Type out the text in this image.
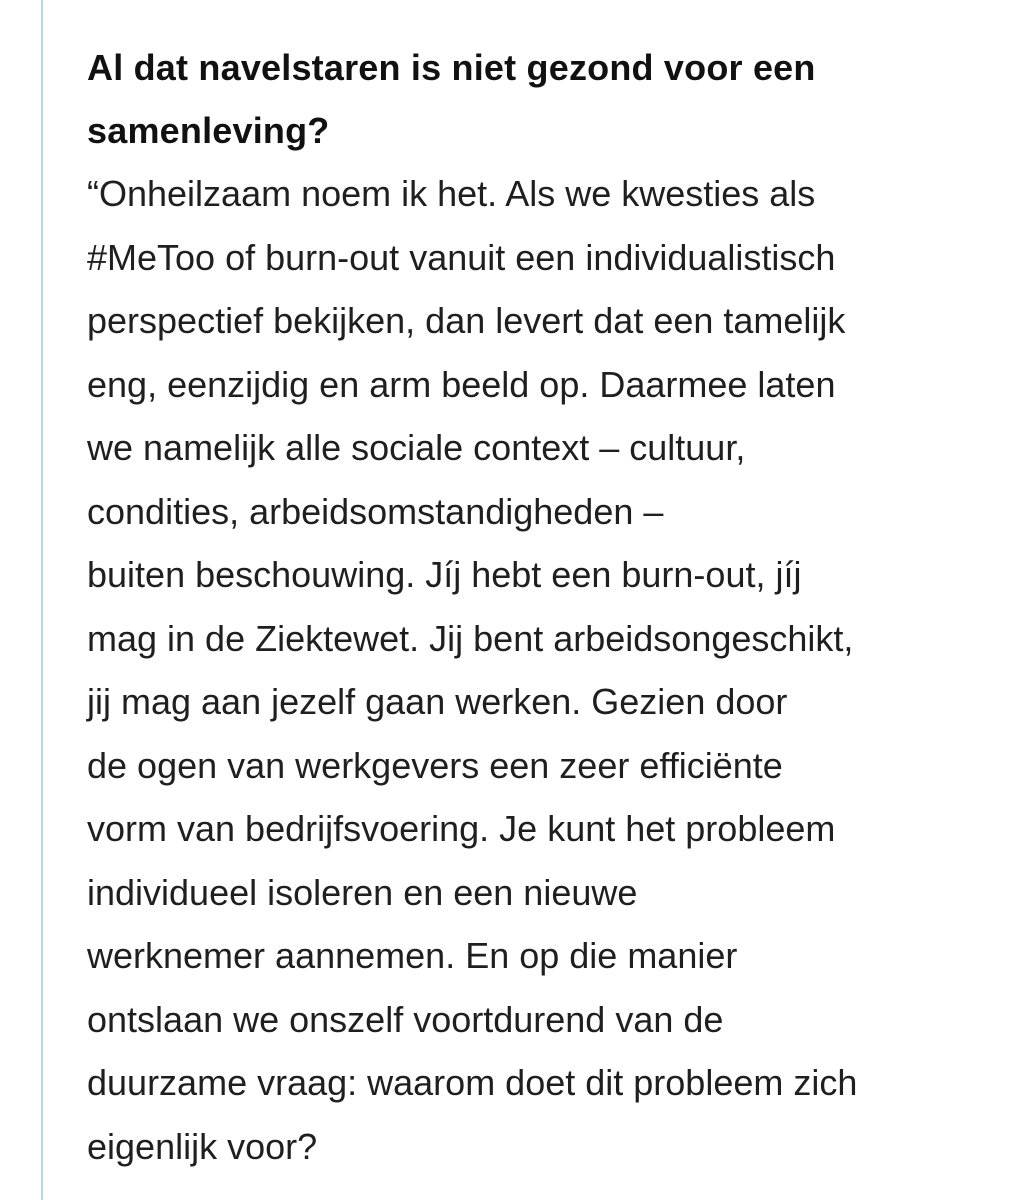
Al dat navelstaren is niet gezond voor een
samenleving?

“Onheilzaam noem ik het. Als we kwesties als
#MeToo of burn-out vanuit een individualistisch
perspectief bekijken, dan levert dat een tamelijk
eng, eenzijdig en arm beeld op. Daarmee laten
we namelijk alle sociale context – cultuur,
condities, arbeidsomstandigheden –
buiten beschouwing. Jíj hebt een burn-out, jíj
mag in de Ziektewet. Jij bent arbeidsongeschikt,
jij mag aan jezelf gaan werken. Gezien door
de ogen van werkgevers een zeer efficiënte
vorm van bedrijfsvoering. Je kunt het probleem
individueel isoleren en een nieuwe
werknemer aannemen. En op die manier
ontslaan we onszelf voortdurend van de
duurzame vraag: waarom doet dit probleem zich
eigenlijk voor?
